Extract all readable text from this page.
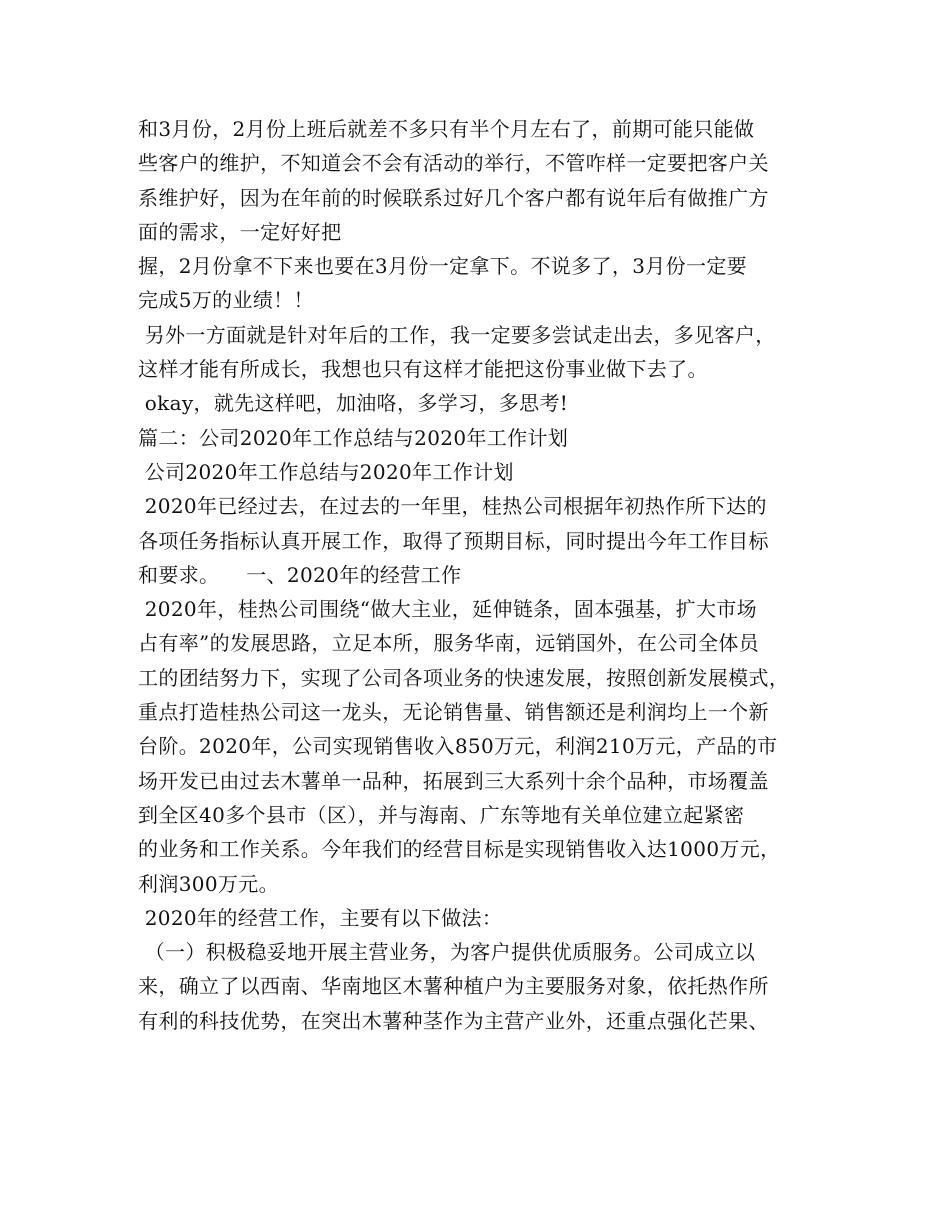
和3月份，2月份上班后就差不多只有半个月左右了，前期可能只能做
些客户的维护，不知道会不会有活动的举行，不管咋样一定要把客户关
系维护好，因为在年前的时候联系过好几个客户都有说年后有做推广方
面的需求，一定好好把
握，2月份拿不下来也要在3月份一定拿下。不说多了，3月份一定要
完成5万的业绩！！
另外一方面就是针对年后的工作，我一定要多尝试走出去，多见客户，
这样才能有所成长，我想也只有这样才能把这份事业做下去了。
okay，就先这样吧，加油咯，多学习，多思考!
篇二：公司2020年工作总结与2020年工作计划
公司2020年工作总结与2020年工作计划
2020年已经过去，在过去的一年里，桂热公司根据年初热作所下达的
各项任务指标认真开展工作，取得了预期目标，同时提出今年工作目标
和要求。    一、2020年的经营工作
2020年，桂热公司围绕“做大主业，延伸链条，固本强基，扩大市场
占有率”的发展思路，立足本所，服务华南，远销国外，在公司全体员
工的团结努力下，实现了公司各项业务的快速发展，按照创新发展模式，
重点打造桂热公司这一龙头，无论销售量、销售额还是利润均上一个新
台阶。2020年，公司实现销售收入850万元，利润210万元，产品的市
场开发已由过去木薯单一品种，拓展到三大系列十余个品种，市场覆盖
到全区40多个县市（区），并与海南、广东等地有关单位建立起紧密
的业务和工作关系。今年我们的经营目标是实现销售收入达1000万元，
利润300万元。
2020年的经营工作，主要有以下做法：
（一）积极稳妥地开展主营业务，为客户提供优质服务。公司成立以
来，确立了以西南、华南地区木薯种植户为主要服务对象，依托热作所
有利的科技优势，在突出木薯种茎作为主营产业外，还重点强化芒果、
